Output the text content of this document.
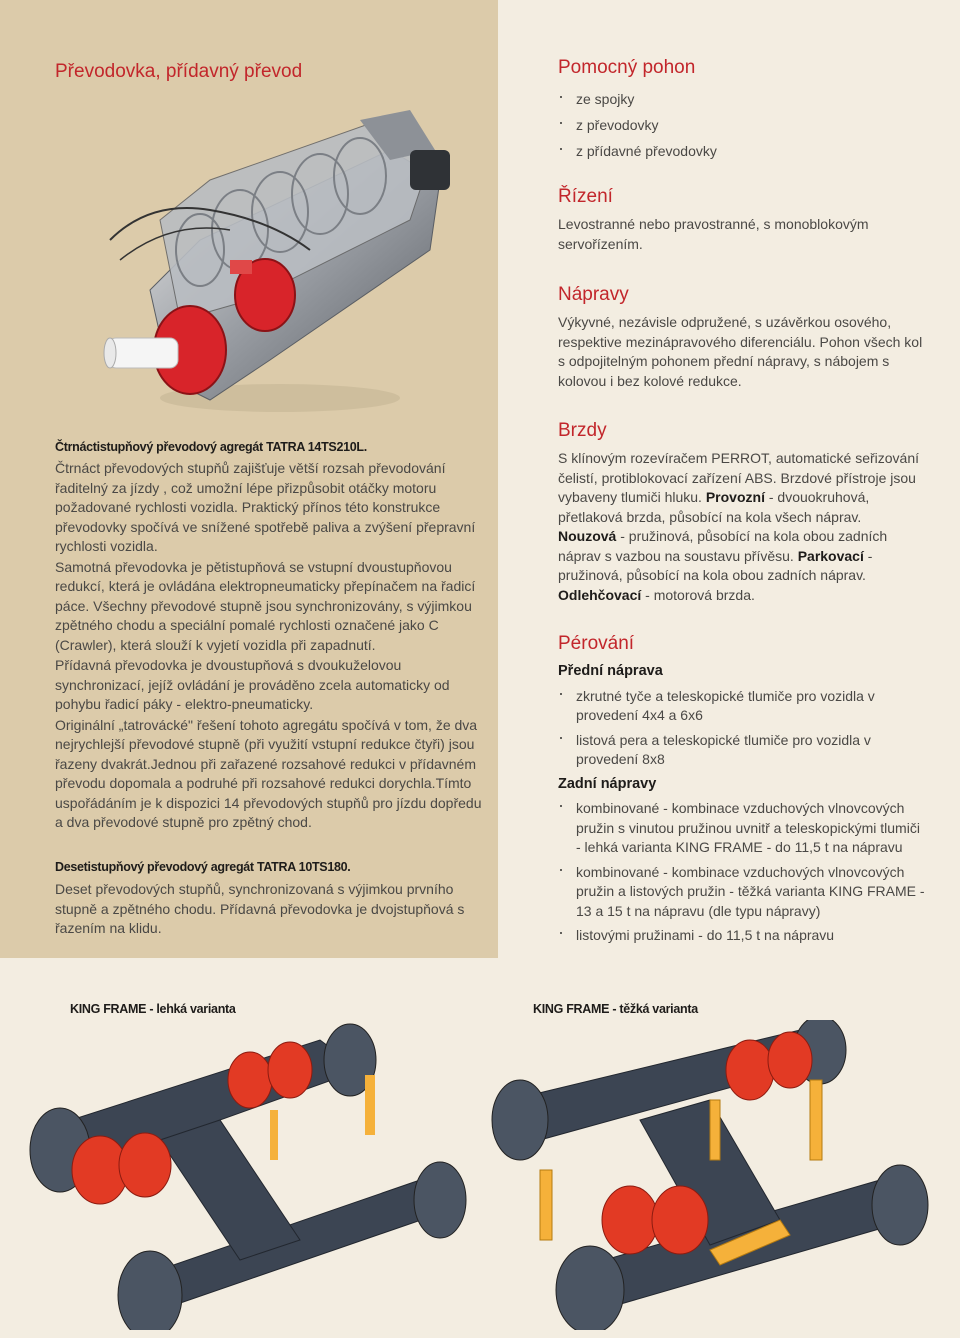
Převodovka, přídavný převod
Čtrnáctistupňový převodový agregát TATRA 14TS210L.

Čtrnáct převodových stupňů zajišťuje větší rozsah převodování řaditelný za jízdy , což umožní lépe přizpůsobit otáčky motoru požadované rychlosti vozidla. Praktický přínos této konstrukce převodovky spočívá ve snížené spotřebě paliva a zvýšení přepravní rychlosti vozidla.

Samotná převodovka je pětistupňová se vstupní dvoustupňovou redukcí, která je ovládána elektropneumaticky přepínačem na řadicí páce. Všechny převodové stupně jsou synchronizovány, s výjimkou zpětného chodu a speciální pomalé rychlosti označené jako C (Crawler), která slouží k vyjetí vozidla při zapadnutí.

Přídavná převodovka je dvoustupňová s dvoukuželovou synchronizací, jejíž ovládání je prováděno zcela automaticky od pohybu řadicí páky - elektro-pneumaticky.

Originální „tatrovácké" řešení tohoto agregátu spočívá v tom, že dva nejrychlejší převodové stupně (při využití vstupní redukce čtyři) jsou řazeny dvakrát.Jednou při zařazené rozsahové redukci v přídavném převodu dopomala a podruhé při rozsahové redukci dorychla.Tímto uspořádáním je k dispozici 14 převodových stupňů pro jízdu dopředu a dva převodové stupně pro zpětný chod.

Desetistupňový převodový agregát TATRA 10TS180.

Deset převodových stupňů, synchronizovaná s výjimkou prvního stupně a zpětného chodu. Přídavná převodovka je dvojstupňová s řazením na klidu.

Pomocný pohon
· ze spojky
· z převodovky
· z přídavné převodovky
Řízení

Levostranné nebo pravostranné, s monoblokovým servořízením.

Nápravy

Výkyvné, nezávisle odpružené, s uzávěrkou osového, respektive mezinápravového diferenciálu. Pohon všech kol s odpojitelným pohonem přední nápravy, s nábojem s kolovou i bez kolové redukce.

Brzdy

S klínovým rozevíračem PERROT, automatické seřizování čelistí, protiblokovací zařízení ABS. Brzdové přístroje jsou vybaveny tlumiči hluku. Provozní - dvouokruhová, přetlaková brzda, působící na kola všech náprav. Nouzová - pružinová, působící na kola obou zadních náprav s vazbou na soustavu přívěsu. Parkovací - pružinová, působící na kola obou zadních náprav. Odlehčovací - motorová brzda.

Pérování

Přední náprava

· zkrutné tyče a teleskopické tlumiče pro vozidla v provedení 4x4 a 6x6
· listová pera a teleskopické tlumiče pro vozidla v provedení 8x8

Zadní nápravy

· kombinované - kombinace vzduchových vlnovcových pružin s vinutou pružinou uvnitř a teleskopickými tlumiči - lehká varianta KING FRAME - do 11,5 t na nápravu
· kombinované - kombinace vzduchových vlnovcových pružin a listových pružin - těžká varianta KING FRAME - 13 a 15 t na nápravu (dle typu nápravy)
· listovými pružinami - do 11,5 t na nápravu
KING FRAME - lehká varianta	KING FRAME - těžká varianta
